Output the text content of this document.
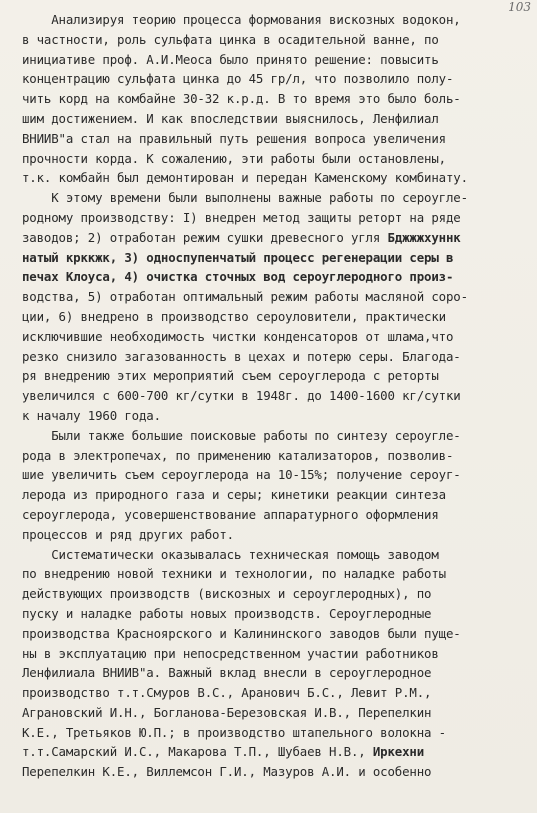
103
Анализируя теорию процесса формования вискозных водокон,
в частности, роль сульфата цинка в осадительной ванне, по
инициативе проф. А.И.Меоса было принято решение: повысить
концентрацию сульфата цинка до 45 гр/л, что позволило полу-
чить корд на комбайне 30-32 к.р.д. В то время это было боль-
шим достижением. И как впоследствии выяснилось, Ленфилиал
ВНИИВ"а стал на правильный путь решения вопроса увеличения
прочности корда. К сожалению, эти работы были остановлены,
т.к. комбайн был демонтирован и передан Каменскому комбинату.
К этому времени были выполнены важные работы по сероугле-
родному производству: I) внедрен метод защиты реторт на ряде
заводов; 2) отработан режим сушки древесного угля Бджжжхуннк
натый крккжк, 3) односпупенчатый процесс регенерации серы в
печах Клоуса, 4) очистка сточных вод сероуглеродного произ-
водства, 5) отработан оптимальный режим работы масляной соро-
ции, 6) внедрено в производство сероуловители, практически
исключившие необходимость чистки конденсаторов от шлама,что
резко снизило загазованность в цехах и потерю серы. Благода-
ря внедрению этих мероприятий съем сероуглерода с реторты
увеличился с 600-700 кг/сутки в 1948г. до 1400-1600 кг/сутки
к началу 1960 года.
Были также большие поисковые работы по синтезу сероугле-
рода в электропечах, по применению катализаторов, позволив-
шие увеличить съем сероуглерода на 10-15%; получение сероуг-
лерода из природного газа и серы; кинетики реакции синтеза
сероуглерода, усовершенствование аппаратурного оформления
процессов и ряд других работ.
Систематически оказывалась техническая помощь заводом
по внедрению новой техники и технологии, по наладке работы
действующих производств (вискозных и сероуглеродных), по
пуску и наладке работы новых производств. Сероуглеродные
производства Красноярского и Калининского заводов были пуще-
ны в эксплуатацию при непосредственном участии работников
Ленфилиала ВНИИВ"а. Важный вклад внесли в сероуглеродное
производство т.т.Смуров В.С., Аранович Б.С., Левит Р.М.,
Аграновский И.Н., Богланова-Березовская И.В., Перепелкин
К.Е., Третьяков Ю.П.; в производство штапельного волокна -
т.т.Самарский И.С., Макарова Т.П., Шубаев Н.В., Иркехни
Перепелкин К.Е., Виллемсон Г.И., Мазуров А.И. и особенно
